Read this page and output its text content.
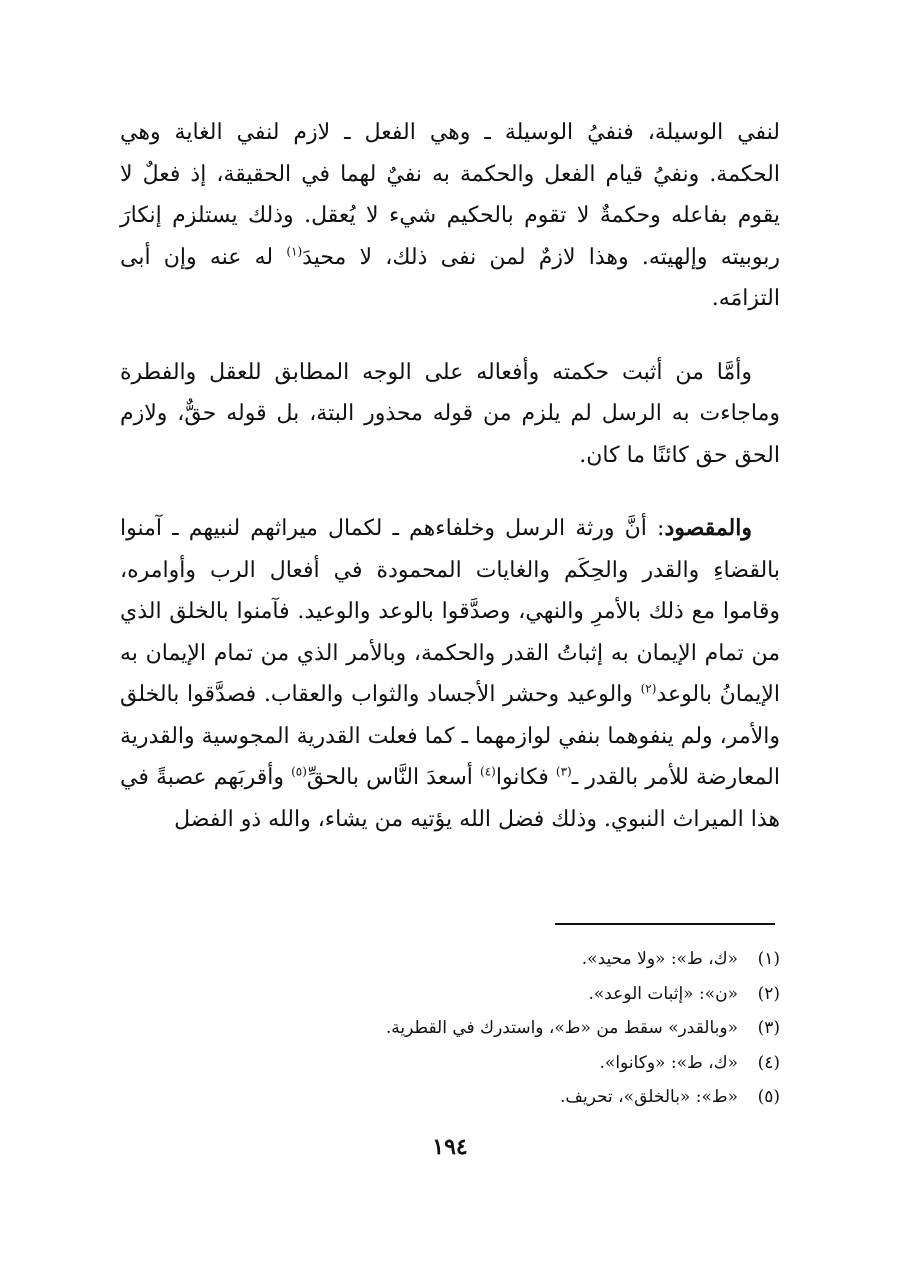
لنفي الوسيلة، فنفيُ الوسيلة ـ وهي الفعل ـ لازم لنفي الغاية وهي الحكمة. ونفيُ قيام الفعل والحكمة به نفيٌ لهما في الحقيقة، إذ فعلٌ لا يقوم بفاعله وحكمةٌ لا تقوم بالحكيم شيء لا يُعقل. وذلك يستلزم إنكارَ ربوبيته وإلهيته. وهذا لازمٌ لمن نفى ذلك، لا محيدَ$^{(١)}$ له عنه وإن أبى التزامَه.

وأمَّا من أثبت حكمته وأفعاله على الوجه المطابق للعقل والفطرة وماجاءت به الرسل لم يلزم من قوله محذور البتة، بل قوله حقٌّ، ولازم الحق حق كائنًا ما كان.

والمقصود: أنَّ ورثة الرسل وخلفاءهم ـ لكمال ميراثهم لنبيهم ـ آمنوا بالقضاءِ والقدر والحِكَم والغايات المحمودة في أفعال الرب وأوامره، وقاموا مع ذلك بالأمرِ والنهي، وصدَّقوا بالوعد والوعيد. فآمنوا بالخلق الذي من تمام الإيمان به إثباتُ القدر والحكمة، وبالأمر الذي من تمام الإيمان به الإيمانُ بالوعد$^{(٢)}$ والوعيد وحشر الأجساد والثواب والعقاب. فصدَّقوا بالخلق والأمر، ولم ينفوهما بنفي لوازمهما ـ كما فعلت القدرية المجوسية والقدرية المعارضة للأمر بالقدر ـ$^{(٣)}$ فكانوا$^{(٤)}$ أسعدَ النَّاس بالحقِّ$^{(٥)}$ وأقربَهم عصبةً في هذا الميراث النبوي. وذلك فضل الله يؤتيه من يشاء، والله ذو الفضل

(١)«ك، ط»: «ولا محيد».
(٢)«ن»: «إثبات الوعد».
(٣)«وبالقدر» سقط من «ط»، واستدرك في القطرية.
(٤)«ك، ط»: «وكانوا».
(٥)«ط»: «بالخلق»، تحريف.
١٩٤
